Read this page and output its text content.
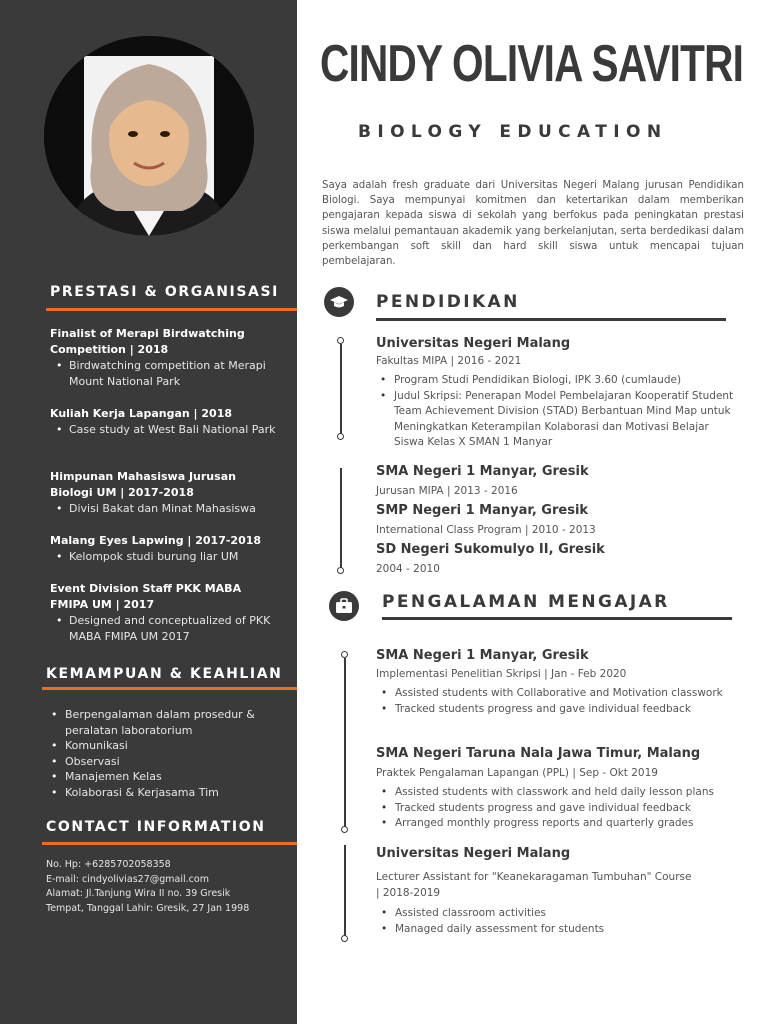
PRESTASI & ORGANISASI
Finalist of Merapi Birdwatching Competition | 2018
• Birdwatching competition at Merapi Mount National Park
Kuliah Kerja Lapangan | 2018
• Case study at West Bali National Park
Himpunan Mahasiswa Jurusan Biologi UM | 2017-2018
• Divisi Bakat dan Minat Mahasiswa
Malang Eyes Lapwing | 2017-2018
• Kelompok studi burung liar UM
Event Division Staff PKK MABA FMIPA UM | 2017
• Designed and conceptualized of PKK MABA FMIPA UM 2017
KEMAMPUAN & KEAHLIAN
• Berpengalaman dalam prosedur & peralatan laboratorium
• Komunikasi
• Observasi
• Manajemen Kelas
• Kolaborasi & Kerjasama Tim
CONTACT INFORMATION
No. Hp: +6285702058358
E-mail: cindyolivias27@gmail.com
Alamat: Jl.Tanjung Wira II no. 39 Gresik
Tempat, Tanggal Lahir: Gresik, 27 Jan 1998
CINDY OLIVIA SAVITRI
BIOLOGY EDUCATION

Saya adalah fresh graduate dari Universitas Negeri Malang jurusan Pendidikan Biologi. Saya mempunyai komitmen dan ketertarikan dalam memberikan pengajaran kepada siswa di sekolah yang berfokus pada peningkatan prestasi siswa melalui pemantauan akademik yang berkelanjutan, serta berdedikasi dalam perkembangan soft skill dan hard skill siswa untuk mencapai tujuan pembelajaran.

PENDIDIKAN
Universitas Negeri Malang
Fakultas MIPA | 2016 - 2021
• Program Studi Pendidikan Biologi, IPK 3.60 (cumlaude)
• Judul Skripsi: Penerapan Model Pembelajaran Kooperatif Student Team Achievement Division (STAD) Berbantuan Mind Map untuk Meningkatkan Keterampilan Kolaborasi dan Motivasi Belajar Siswa Kelas X SMAN 1 Manyar
SMA Negeri 1 Manyar, Gresik
Jurusan MIPA | 2013 - 2016
SMP Negeri 1 Manyar, Gresik
International Class Program | 2010 - 2013
SD Negeri Sukomulyo II, Gresik
2004 - 2010
PENGALAMAN MENGAJAR
SMA Negeri 1 Manyar, Gresik
Implementasi Penelitian Skripsi | Jan - Feb 2020
• Assisted students with Collaborative and Motivation classwork
• Tracked students progress and gave individual feedback
SMA Negeri Taruna Nala Jawa Timur, Malang
Praktek Pengalaman Lapangan (PPL) | Sep - Okt 2019
• Assisted students with classwork and held daily lesson plans
• Tracked students progress and gave individual feedback
• Arranged monthly progress reports and quarterly grades
Universitas Negeri Malang
Lecturer Assistant for "Keanekaragaman Tumbuhan" Course | 2018-2019
• Assisted classroom activities
• Managed daily assessment for students
